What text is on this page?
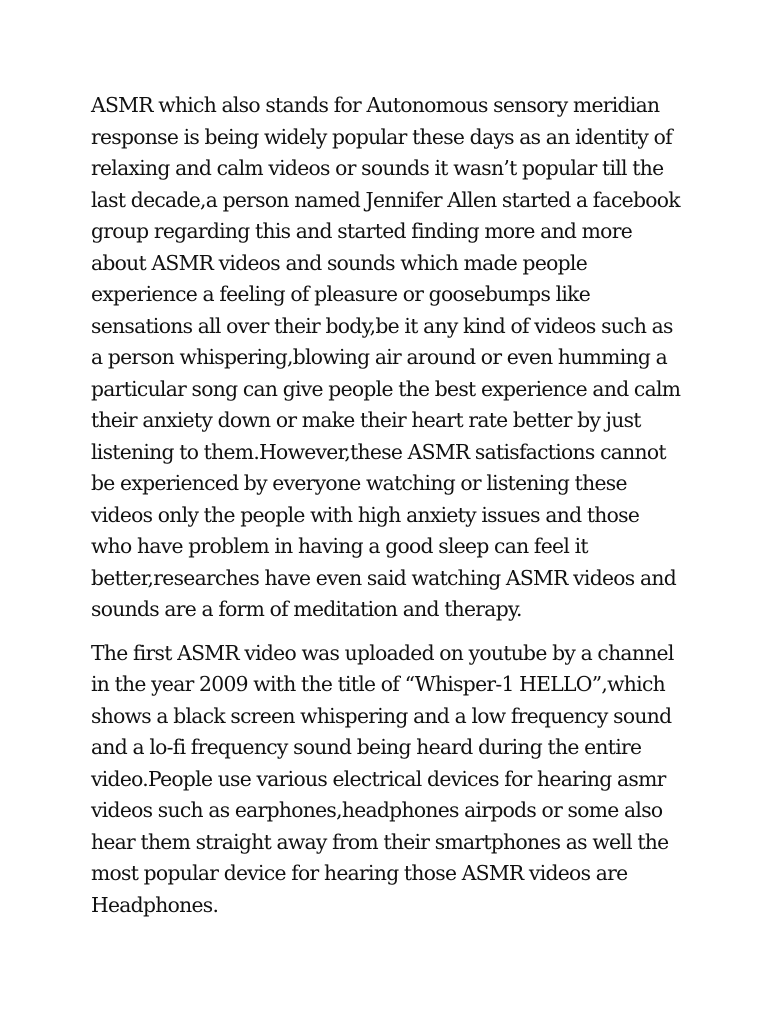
ASMR which also stands for Autonomous sensory meridian
response is being widely popular these days as an identity of
relaxing and calm videos or sounds it wasn’t popular till the
last decade,a person named Jennifer Allen started a facebook
group regarding this and started finding more and more
about ASMR videos and sounds which made people
experience a feeling of pleasure or goosebumps like
sensations all over their body,be it any kind of videos such as
a person whispering,blowing air around or even humming a
particular song can give people the best experience and calm
their anxiety down or make their heart rate better by just
listening to them.However,these ASMR satisfactions cannot
be experienced by everyone watching or listening these
videos only the people with high anxiety issues and those
who have problem in having a good sleep can feel it
better,researches have even said watching ASMR videos and
sounds are a form of meditation and therapy.

The first ASMR video was uploaded on youtube by a channel
in the year 2009 with the title of “Whisper-1 HELLO”,which
shows a black screen whispering and a low frequency sound
and a lo-fi frequency sound being heard during the entire
video.People use various electrical devices for hearing asmr
videos such as earphones,headphones airpods or some also
hear them straight away from their smartphones as well the
most popular device for hearing those ASMR videos are
Headphones.
